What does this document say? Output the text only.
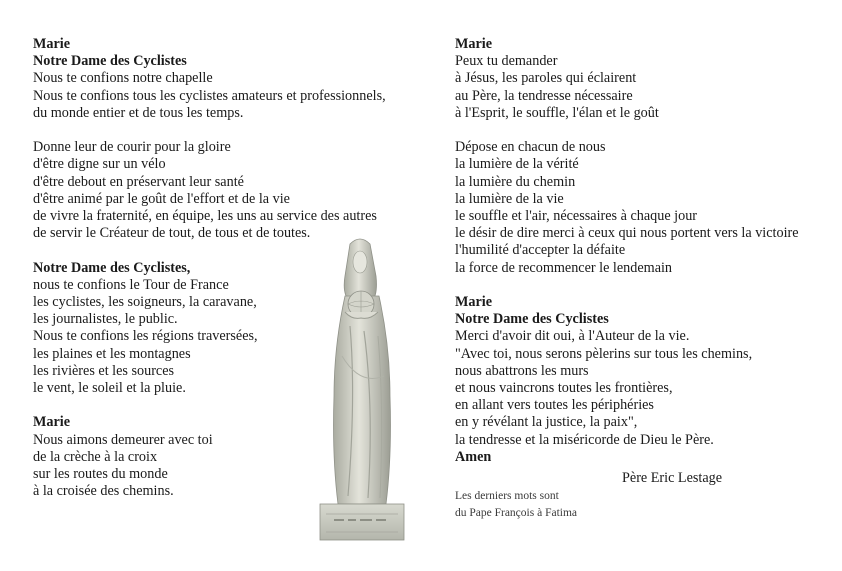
Marie
Notre Dame des Cyclistes
Nous te confions notre chapelle
Nous te confions tous les cyclistes amateurs et professionnels,
du monde entier et de tous les temps.
Donne leur de courir pour la gloire
d'être digne sur un vélo
d'être debout en préservant leur santé
d'être animé par le goût de l'effort et de la vie
de vivre la fraternité, en équipe, les uns au service des autres
de servir le Créateur de tout, de tous et de toutes.
Notre Dame des Cyclistes,
nous te confions le Tour de France
les cyclistes, les soigneurs, la caravane,
les journalistes, le public.
Nous te confions les régions traversées,
les plaines et les montagnes
les rivières et les sources
le vent, le soleil et la pluie.
Marie
Nous aimons demeurer avec toi
de la crèche à la croix
sur les routes du monde
à la croisée des chemins.
Marie
Peux tu demander
à Jésus, les paroles qui éclairent
au Père, la tendresse nécessaire
à l'Esprit, le souffle, l'élan et le goût
Dépose en chacun de nous
la lumière de la vérité
la lumière du chemin
la lumière de la vie
le souffle et l'air, nécessaires à chaque jour
le désir de dire merci à ceux qui nous portent vers la victoire
l'humilité d'accepter la défaite
la force de recommencer le lendemain
Marie
Notre Dame des Cyclistes
Merci d'avoir dit oui, à l'Auteur de la vie.
"Avec toi, nous serons pèlerins sur tous les chemins,
nous abattrons les murs
et nous vaincrons toutes les frontières,
en allant vers toutes les périphéries
en y révélant la justice, la paix",
la tendresse et la miséricorde de Dieu le Père.
Amen
Père Eric Lestage
Les derniers mots sont
du Pape François à Fatima
